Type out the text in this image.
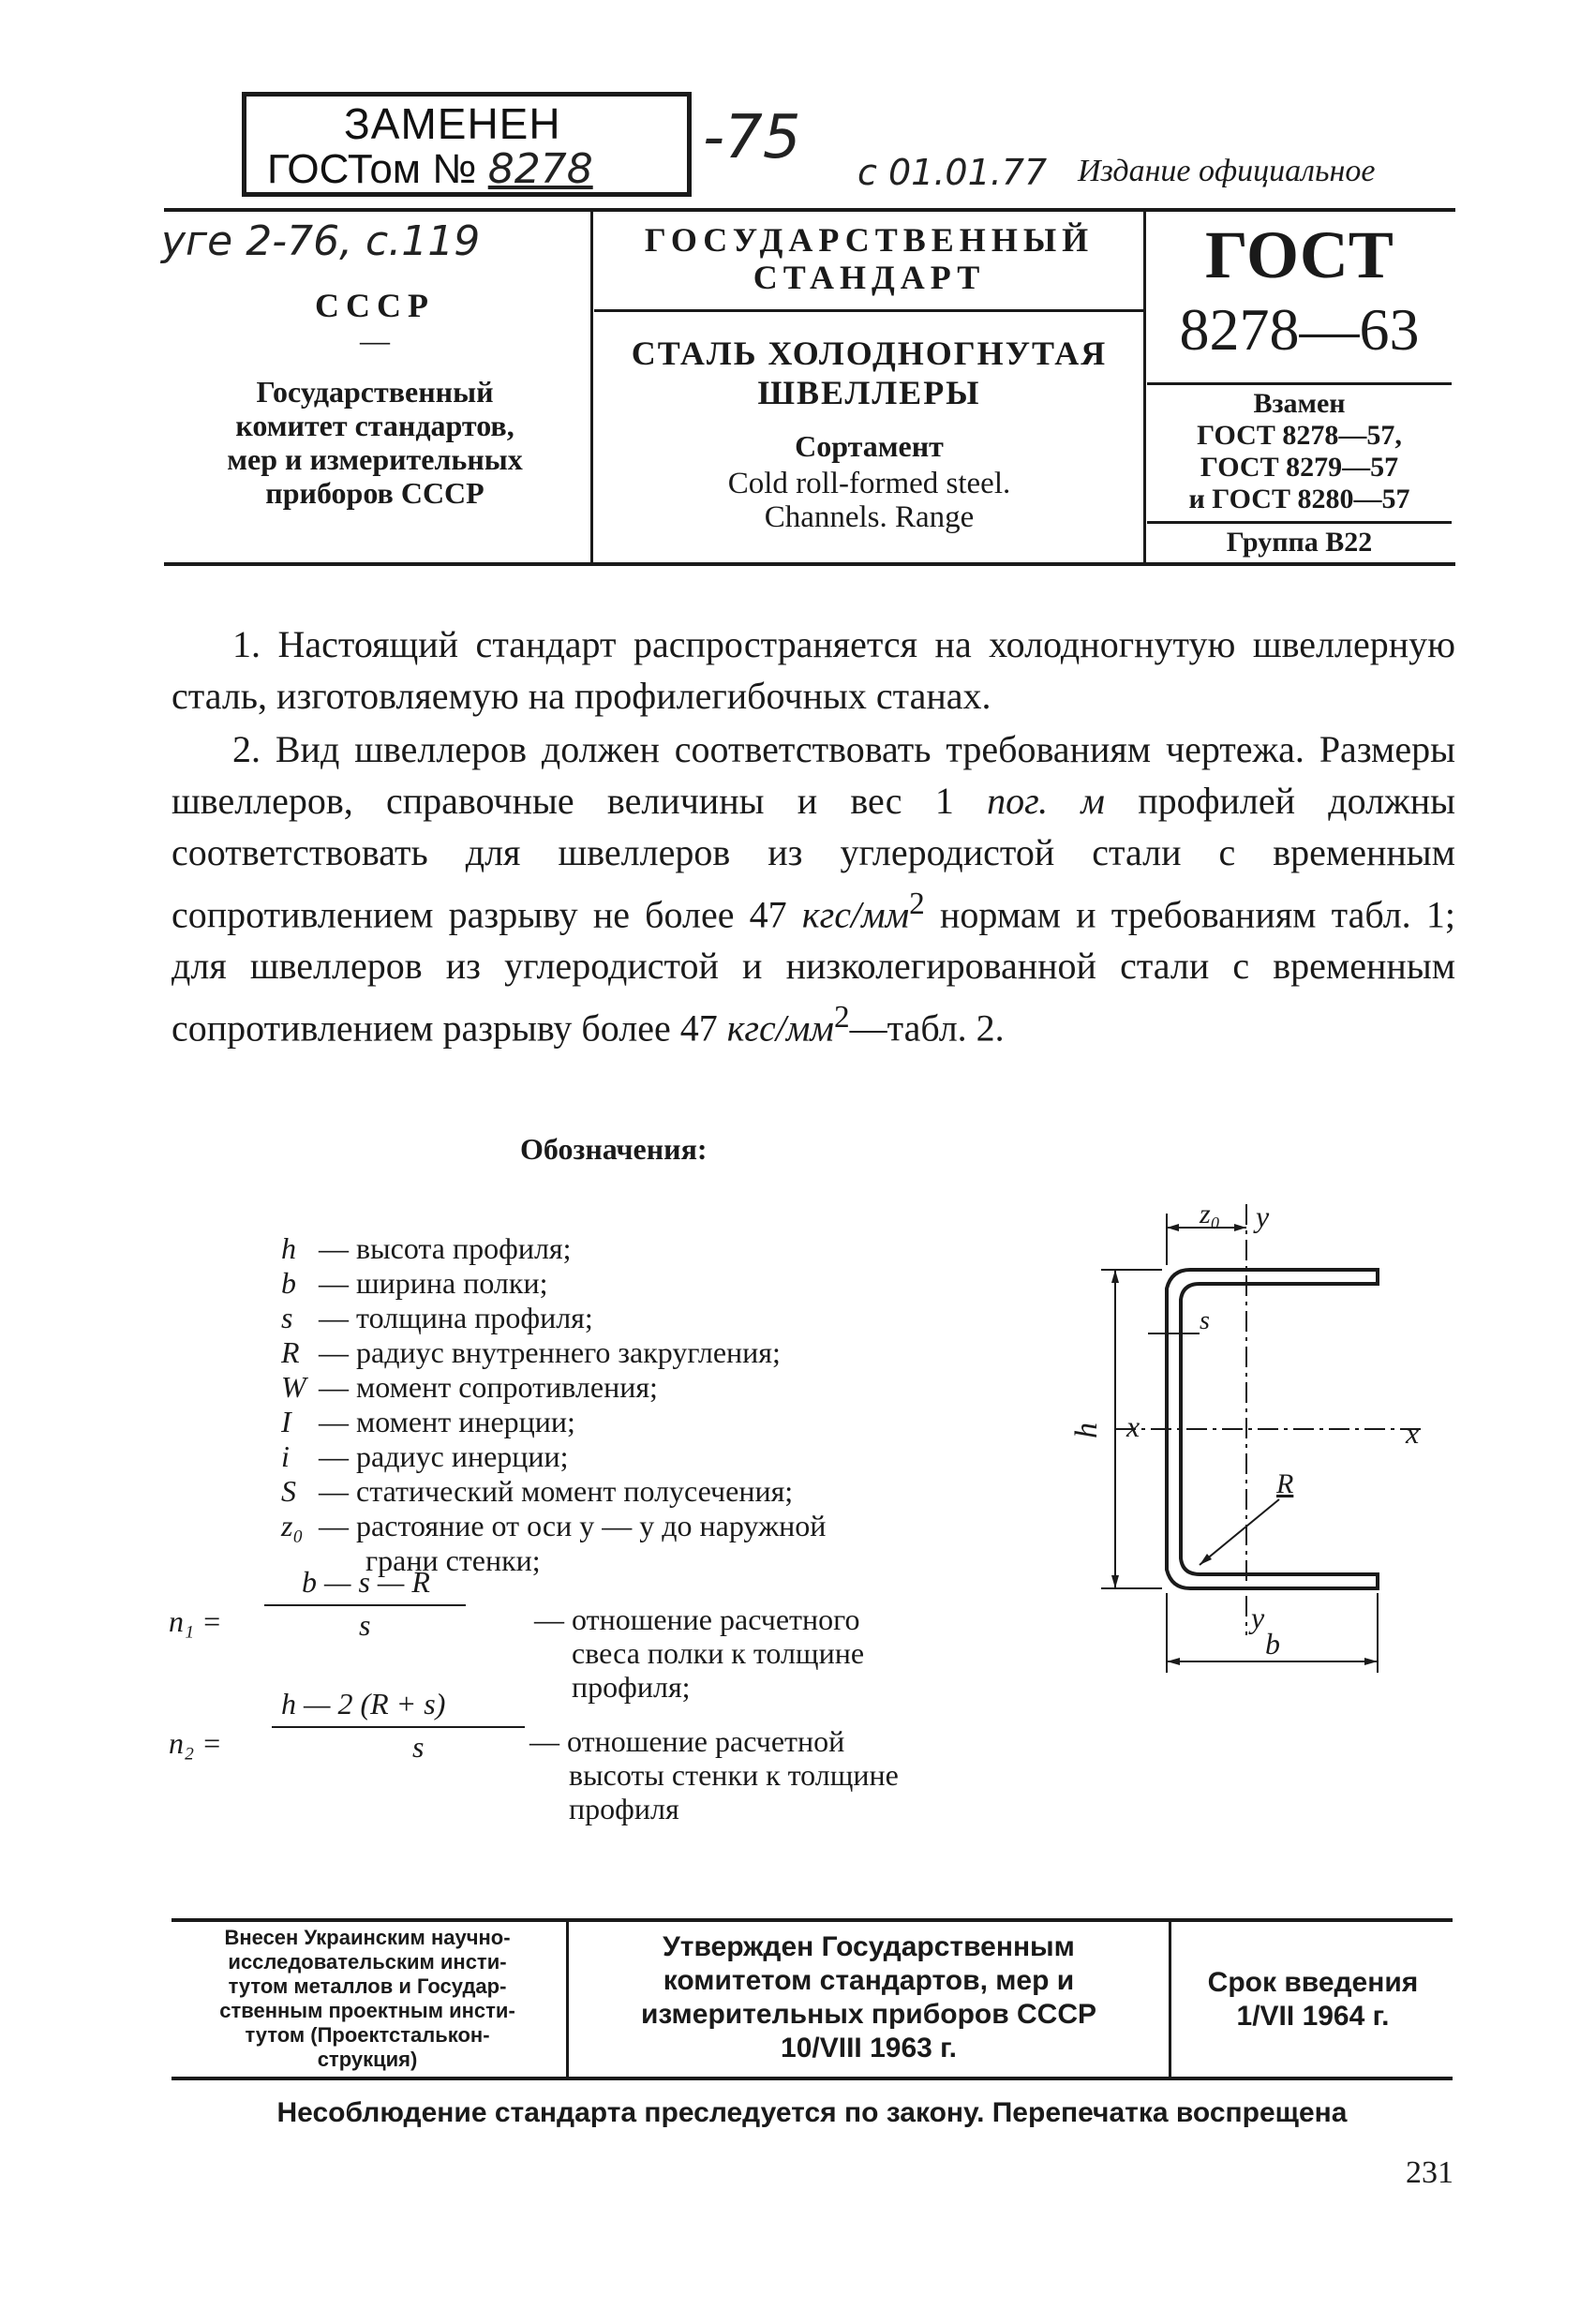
ЗАМЕНЕН
ГОСТом № 8278 -75 с 01.01.77 Издание официальное
уге 2-76, с.119
СССР
—
Государственный
комитет стандартов,
мер и измерительных
приборов СССР
ГОСУДАРСТВЕННЫЙ
СТАНДАРТ
СТАЛЬ ХОЛОДНОГНУТАЯ
ШВЕЛЛЕРЫ
Сортамент
Cold roll-formed steel.
Channels. Range
ГОСТ
8278—63
Взамен
ГОСТ 8278—57,
ГОСТ 8279—57
и ГОСТ 8280—57
Группа В22
1. Настоящий стандарт распространяется на холодногнутую швеллерную сталь, изготовляемую на профилегибочных станах.
2. Вид швеллеров должен соответствовать требованиям чертежа. Размеры швеллеров, справочные величины и вес 1 пог. м профилей должны соответствовать для швеллеров из углеродистой стали с временным сопротивлением разрыву не более 47 кгс/$мм^2$ нормам и требованиям табл. 1; для швеллеров из углеродистой и низколегированной стали с временным сопротивлением разрыву более 47 кгс/$мм^2—табл$. 2.
Обозначения:
h — высота профиля;
b — ширина полки;
s — толщина профиля;
R — радиус внутреннего закругления;
W — момент сопротивления;
I — момент инерции;
i — радиус инерции;
S — статический момент полусечения;
z₀ — растояние от оси y — y до наружной
грани стенки;
n₁ =
b — s — R
s	— отношение расчетного
свеса полки к толщине
профиля;
n₂ =
h — 2 (R + s)
s	— отношение расчетной
высоты стенки к толщине
профиля
z₀ y
y
x	x
h
s
R
b
Внесен Украинским научно-
исследовательским инсти-
тутом металлов и Государ-
ственным проектным инсти-
тутом (Проектсталькон-
струкция)
Утвержден Государственным
комитетом стандартов, мер и
измерительных приборов СССР
10/VIII 1963 г.
Срок введения
1/VII 1964 г.
Несоблюдение стандарта преследуется по закону. Перепечатка воспрещена
231
